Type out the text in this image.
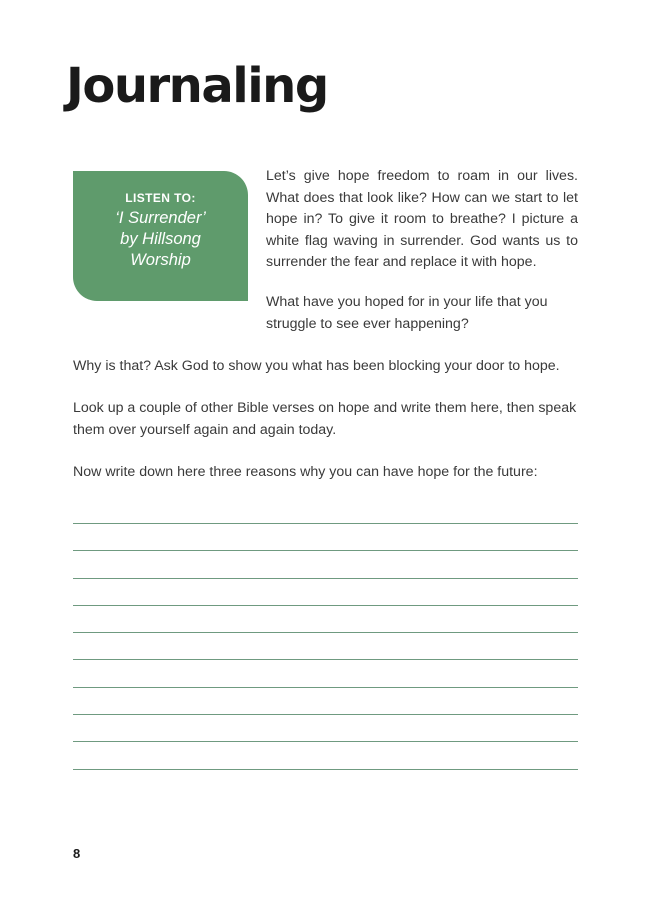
Journaling
LISTEN TO:
‘I Surrender’
by Hillsong
Worship

Let’s give hope freedom to roam in our lives. What does that look like? How can we start to let hope in? To give it room to breathe? I picture a white flag waving in surrender. God wants us to surrender the fear and replace it with hope.

What have you hoped for in your life that you struggle to see ever happening?

Why is that? Ask God to show you what has been blocking your door to hope.

Look up a couple of other Bible verses on hope and write them here, then speak them over yourself again and again today.

Now write down here three reasons why you can have hope for the future:

8
